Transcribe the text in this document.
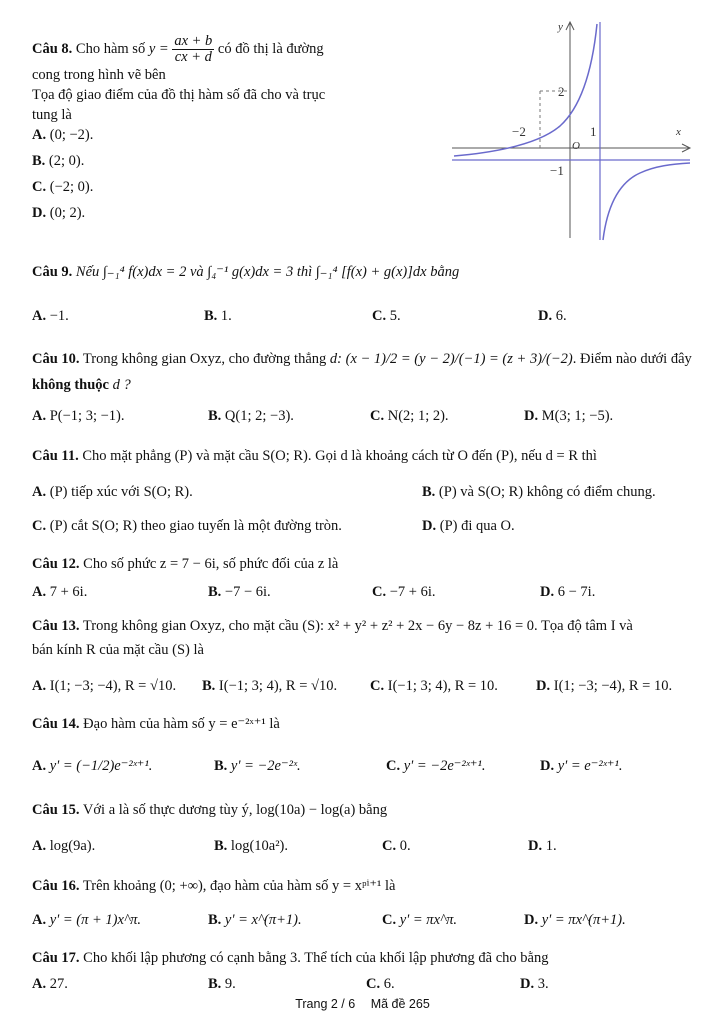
Câu 8. Cho hàm số $y = \frac{ax + b}{cx + d}$ có đồ thị là đường
cong trong hình vẽ bên
Tọa độ giao điểm của đồ thị hàm số đã cho và trục
tung là
A. (0; −2).
B. (2; 0).
C. (−2; 0).
D. (0; 2).
y
x
O
2
−2	1
−1
Câu 9. Nếu ∫₋₁⁴ f(x)dx = 2 và ∫₄⁻¹ g(x)dx = 3 thì ∫₋₁⁴ [f(x) + g(x)]dx bằng
A. −1.	B. 1.	C. 5.	D. 6.
Câu 10. Trong không gian Oxyz, cho đường thẳng d: (x − 1)/2 = (y − 2)/(−1) = (z + 3)/(−2). Điểm nào dưới đây không thuộc d ?
A. P(−1; 3; −1).	B. Q(1; 2; −3).	C. N(2; 1; 2).	D. M(3; 1; −5).
Câu 11. Cho mặt phẳng (P) và mặt cầu S(O; R). Gọi d là khoảng cách từ O đến (P), nếu d = R thì
A. (P) tiếp xúc với S(O; R).	B. (P) và S(O; R) không có điểm chung.
C. (P) cắt S(O; R) theo giao tuyến là một đường tròn.	D. (P) đi qua O.
Câu 12. Cho số phức z = 7 − 6i, số phức đối của z là
A. 7 + 6i.	B. −7 − 6i.	C. −7 + 6i.	D. 6 − 7i.
Câu 13. Trong không gian Oxyz, cho mặt cầu (S): x² + y² + z² + 2x − 6y − 8z + 16 = 0. Tọa độ tâm I và
bán kính R của mặt cầu (S) là
A. I(1; −3; −4), R = √10. B. I(−1; 3; 4), R = √10. C. I(−1; 3; 4), R = 10.	D. I(1; −3; −4), R = 10.
Câu 14. Đạo hàm của hàm số y = e⁻²ˣ⁺¹ là
A. y' = (−1/2)e⁻²ˣ⁺¹.	B. y' = −2e⁻²ˣ.	C. y' = −2e⁻²ˣ⁺¹.	D. y' = e⁻²ˣ⁺¹.
Câu 15. Với a là số thực dương tùy ý, log(10a) − log(a) bằng
A. log(9a).	B. log(10a²).	C. 0.	D. 1.
Câu 16. Trên khoảng (0; +∞), đạo hàm của hàm số y = xᵖⁱ⁺¹ là
A. y' = (π + 1)x^π.	B. y' = x^(π+1).	C. y' = πx^π.	D. y' = πx^(π+1).
Câu 17. Cho khối lập phương có cạnh bằng 3. Thể tích của khối lập phương đã cho bằng
A. 27.	B. 9.	C. 6.	D. 3.
Trang 2 / 6 Mã đề 265
